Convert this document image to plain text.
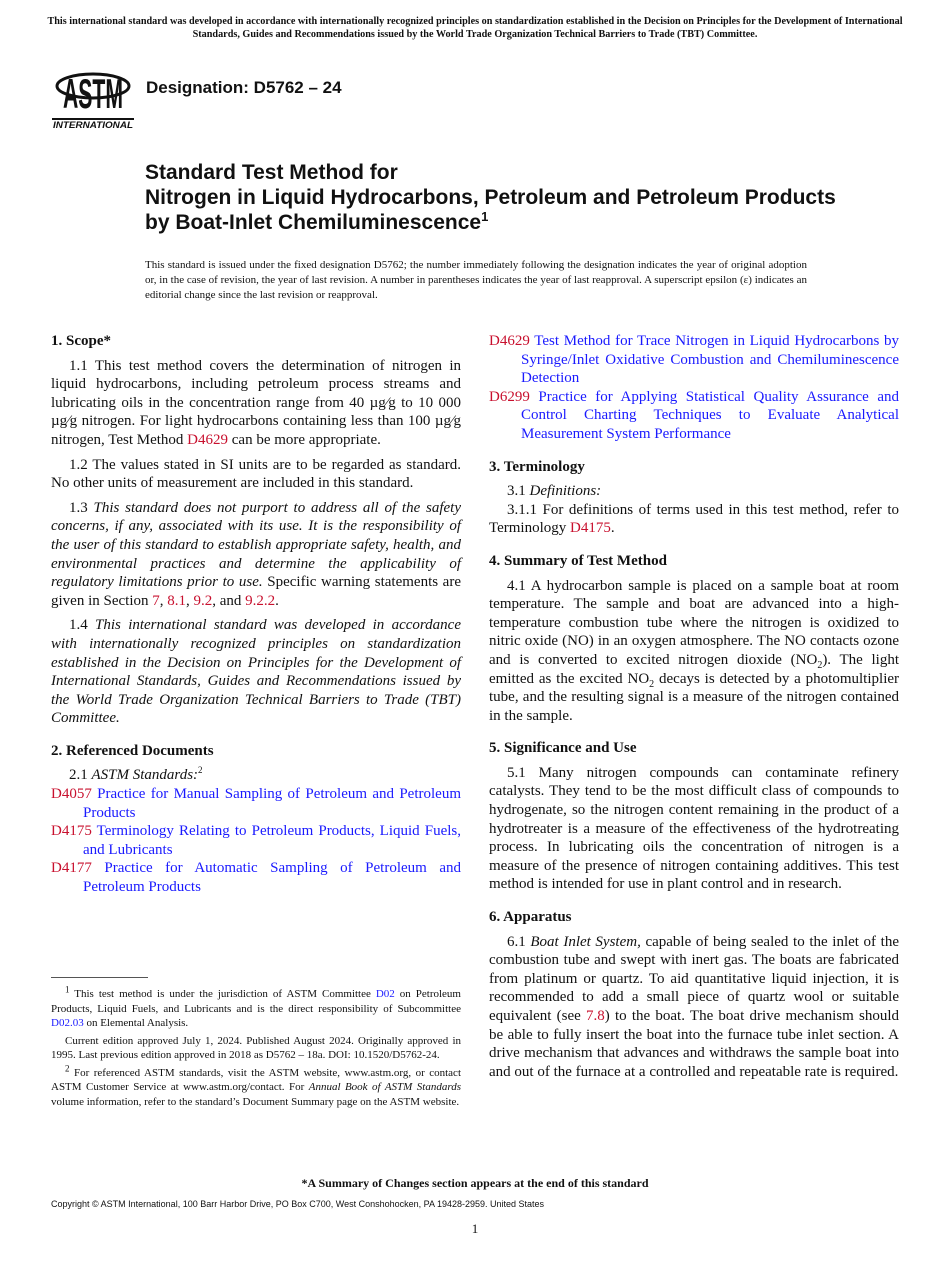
This international standard was developed in accordance with internationally recognized principles on standardization established in the Decision on Principles for the Development of International Standards, Guides and Recommendations issued by the World Trade Organization Technical Barriers to Trade (TBT) Committee.
ASTM
INTERNATIONAL
Designation: D5762 – 24
Standard Test Method for
Nitrogen in Liquid Hydrocarbons, Petroleum and Petroleum Products by Boat-Inlet Chemiluminescence$^1$
This standard is issued under the fixed designation D5762; the number immediately following the designation indicates the year of original adoption or, in the case of revision, the year of last revision. A number in parentheses indicates the year of last reapproval. A superscript epsilon (ε) indicates an editorial change since the last revision or reapproval.
1. Scope*

1.1 This test method covers the determination of nitrogen in liquid hydrocarbons, including petroleum process streams and lubricating oils in the concentration range from 40 µg⁄g to 10 000 µg⁄g nitrogen. For light hydrocarbons containing less than 100 µg⁄g nitrogen, Test Method D4629 can be more appropriate.

1.2 The values stated in SI units are to be regarded as standard. No other units of measurement are included in this standard.

1.3 This standard does not purport to address all of the safety concerns, if any, associated with its use. It is the responsibility of the user of this standard to establish appropriate safety, health, and environmental practices and determine the applicability of regulatory limitations prior to use. Specific warning statements are given in Section 7, 8.1, 9.2, and 9.2.2.

1.4 This international standard was developed in accordance with internationally recognized principles on standardization established in the Decision on Principles for the Development of International Standards, Guides and Recommendations issued by the World Trade Organization Technical Barriers to Trade (TBT) Committee.

2. Referenced Documents

2.1 ASTM Standards:$^2$

D4057 Practice for Manual Sampling of Petroleum and Petroleum Products

D4175 Terminology Relating to Petroleum Products, Liquid Fuels, and Lubricants

D4177 Practice for Automatic Sampling of Petroleum and Petroleum Products

D4629 Test Method for Trace Nitrogen in Liquid Hydrocarbons by Syringe/Inlet Oxidative Combustion and Chemiluminescence Detection

D6299 Practice for Applying Statistical Quality Assurance and Control Charting Techniques to Evaluate Analytical Measurement System Performance

3. Terminology

3.1 Definitions:

3.1.1 For definitions of terms used in this test method, refer to Terminology D4175.

4. Summary of Test Method

4.1 A hydrocarbon sample is placed on a sample boat at room temperature. The sample and boat are advanced into a high-temperature combustion tube where the nitrogen is oxidized to nitric oxide (NO) in an oxygen atmosphere. The NO contacts ozone and is converted to excited nitrogen dioxide $(NO_2)$. The light emitted as the excited $NO_2$ decays is detected by a photomultiplier tube, and the resulting signal is a measure of the nitrogen contained in the sample.

5. Significance and Use

5.1 Many nitrogen compounds can contaminate refinery catalysts. They tend to be the most difficult class of compounds to hydrogenate, so the nitrogen content remaining in the product of a hydrotreater is a measure of the effectiveness of the hydrotreating process. In lubricating oils the concentration of nitrogen is a measure of the presence of nitrogen containing additives. This test method is intended for use in plant control and in research.

6. Apparatus

6.1 Boat Inlet System, capable of being sealed to the inlet of the combustion tube and swept with inert gas. The boats are fabricated from platinum or quartz. To aid quantitative liquid injection, it is recommended to add a small piece of quartz wool or suitable equivalent (see 7.8) to the boat. The boat drive mechanism should be able to fully insert the boat into the furnace tube inlet section. A drive mechanism that advances and withdraws the sample boat into and out of the furnace at a controlled and repeatable rate is required.

$^1$ This test method is under the jurisdiction of ASTM Committee D02 on Petroleum Products, Liquid Fuels, and Lubricants and is the direct responsibility of Subcommittee D02.03 on Elemental Analysis.

Current edition approved July 1, 2024. Published August 2024. Originally approved in 1995. Last previous edition approved in 2018 as D5762 – 18a. DOI: 10.1520/D5762-24.

$^2$ For referenced ASTM standards, visit the ASTM website, www.astm.org, or contact ASTM Customer Service at www.astm.org/contact. For Annual Book of ASTM Standards volume information, refer to the standard’s Document Summary page on the ASTM website.

*A Summary of Changes section appears at the end of this standard
Copyright © ASTM International, 100 Barr Harbor Drive, PO Box C700, West Conshohocken, PA 19428-2959. United States
1
